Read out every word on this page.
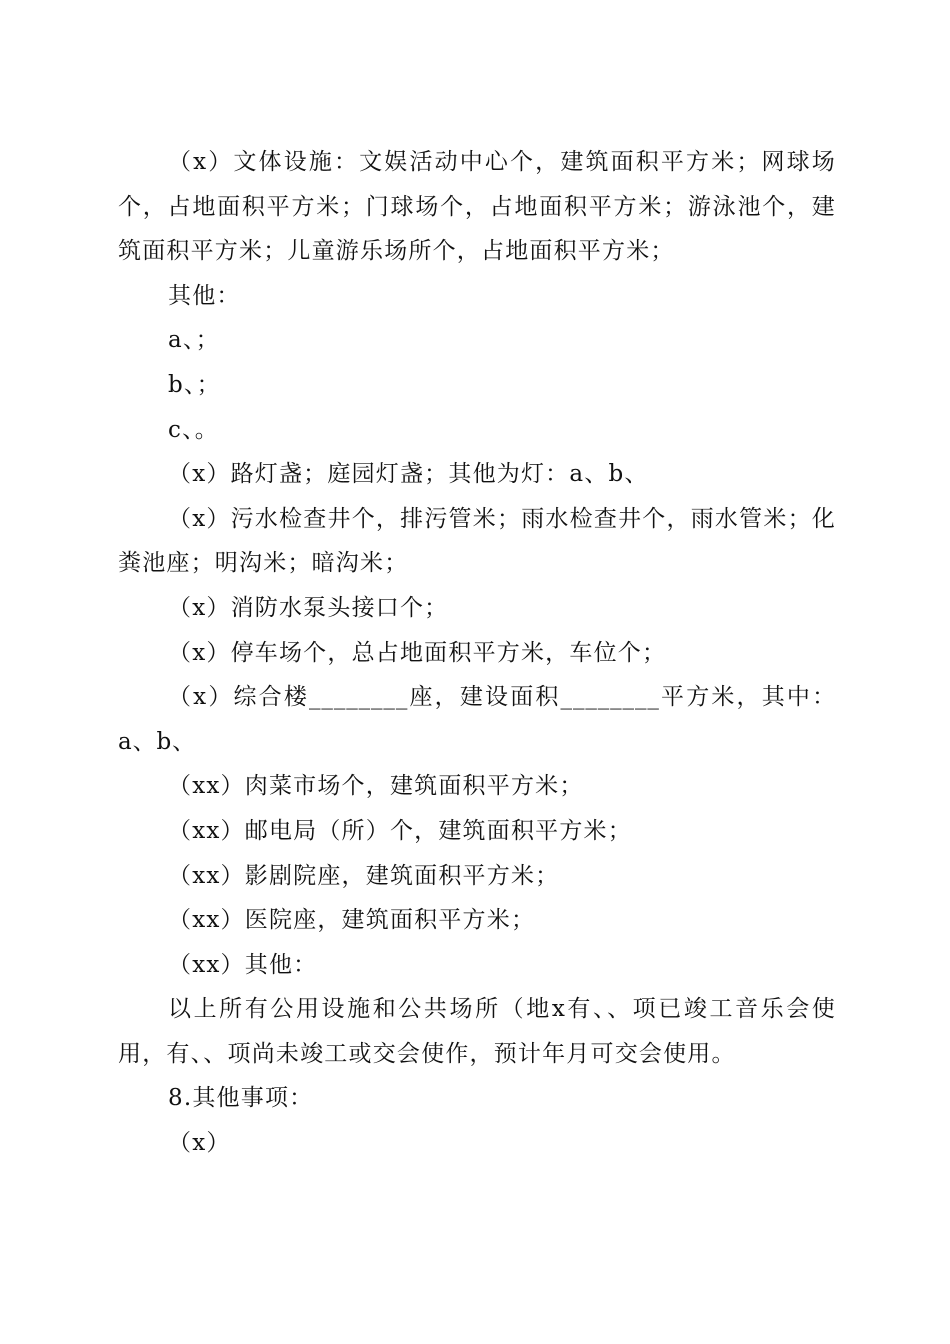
（x）文体设施：文娱活动中心个，建筑面积平方米；网球场个，占地面积平方米；门球场个，占地面积平方米；游泳池个，建筑面积平方米；儿童游乐场所个，占地面积平方米；

其他：

a、；

b、；

c、。

（x）路灯盏；庭园灯盏；其他为灯：a、b、

（x）污水检查井个，排污管米；雨水检查井个，雨水管米；化粪池座；明沟米；暗沟米；

（x）消防水泵头接口个；

（x）停车场个，总占地面积平方米，车位个；

（x）综合楼________座，建设面积________平方米，其中：a、b、

（xx）肉菜市场个，建筑面积平方米；

（xx）邮电局（所）个，建筑面积平方米；

（xx）影剧院座，建筑面积平方米；

（xx）医院座，建筑面积平方米；

（xx）其他：

以上所有公用设施和公共场所（地x有、、项已竣工音乐会使用，有、、项尚未竣工或交会使作，预计年月可交会使用。

8.其他事项：

（x）
